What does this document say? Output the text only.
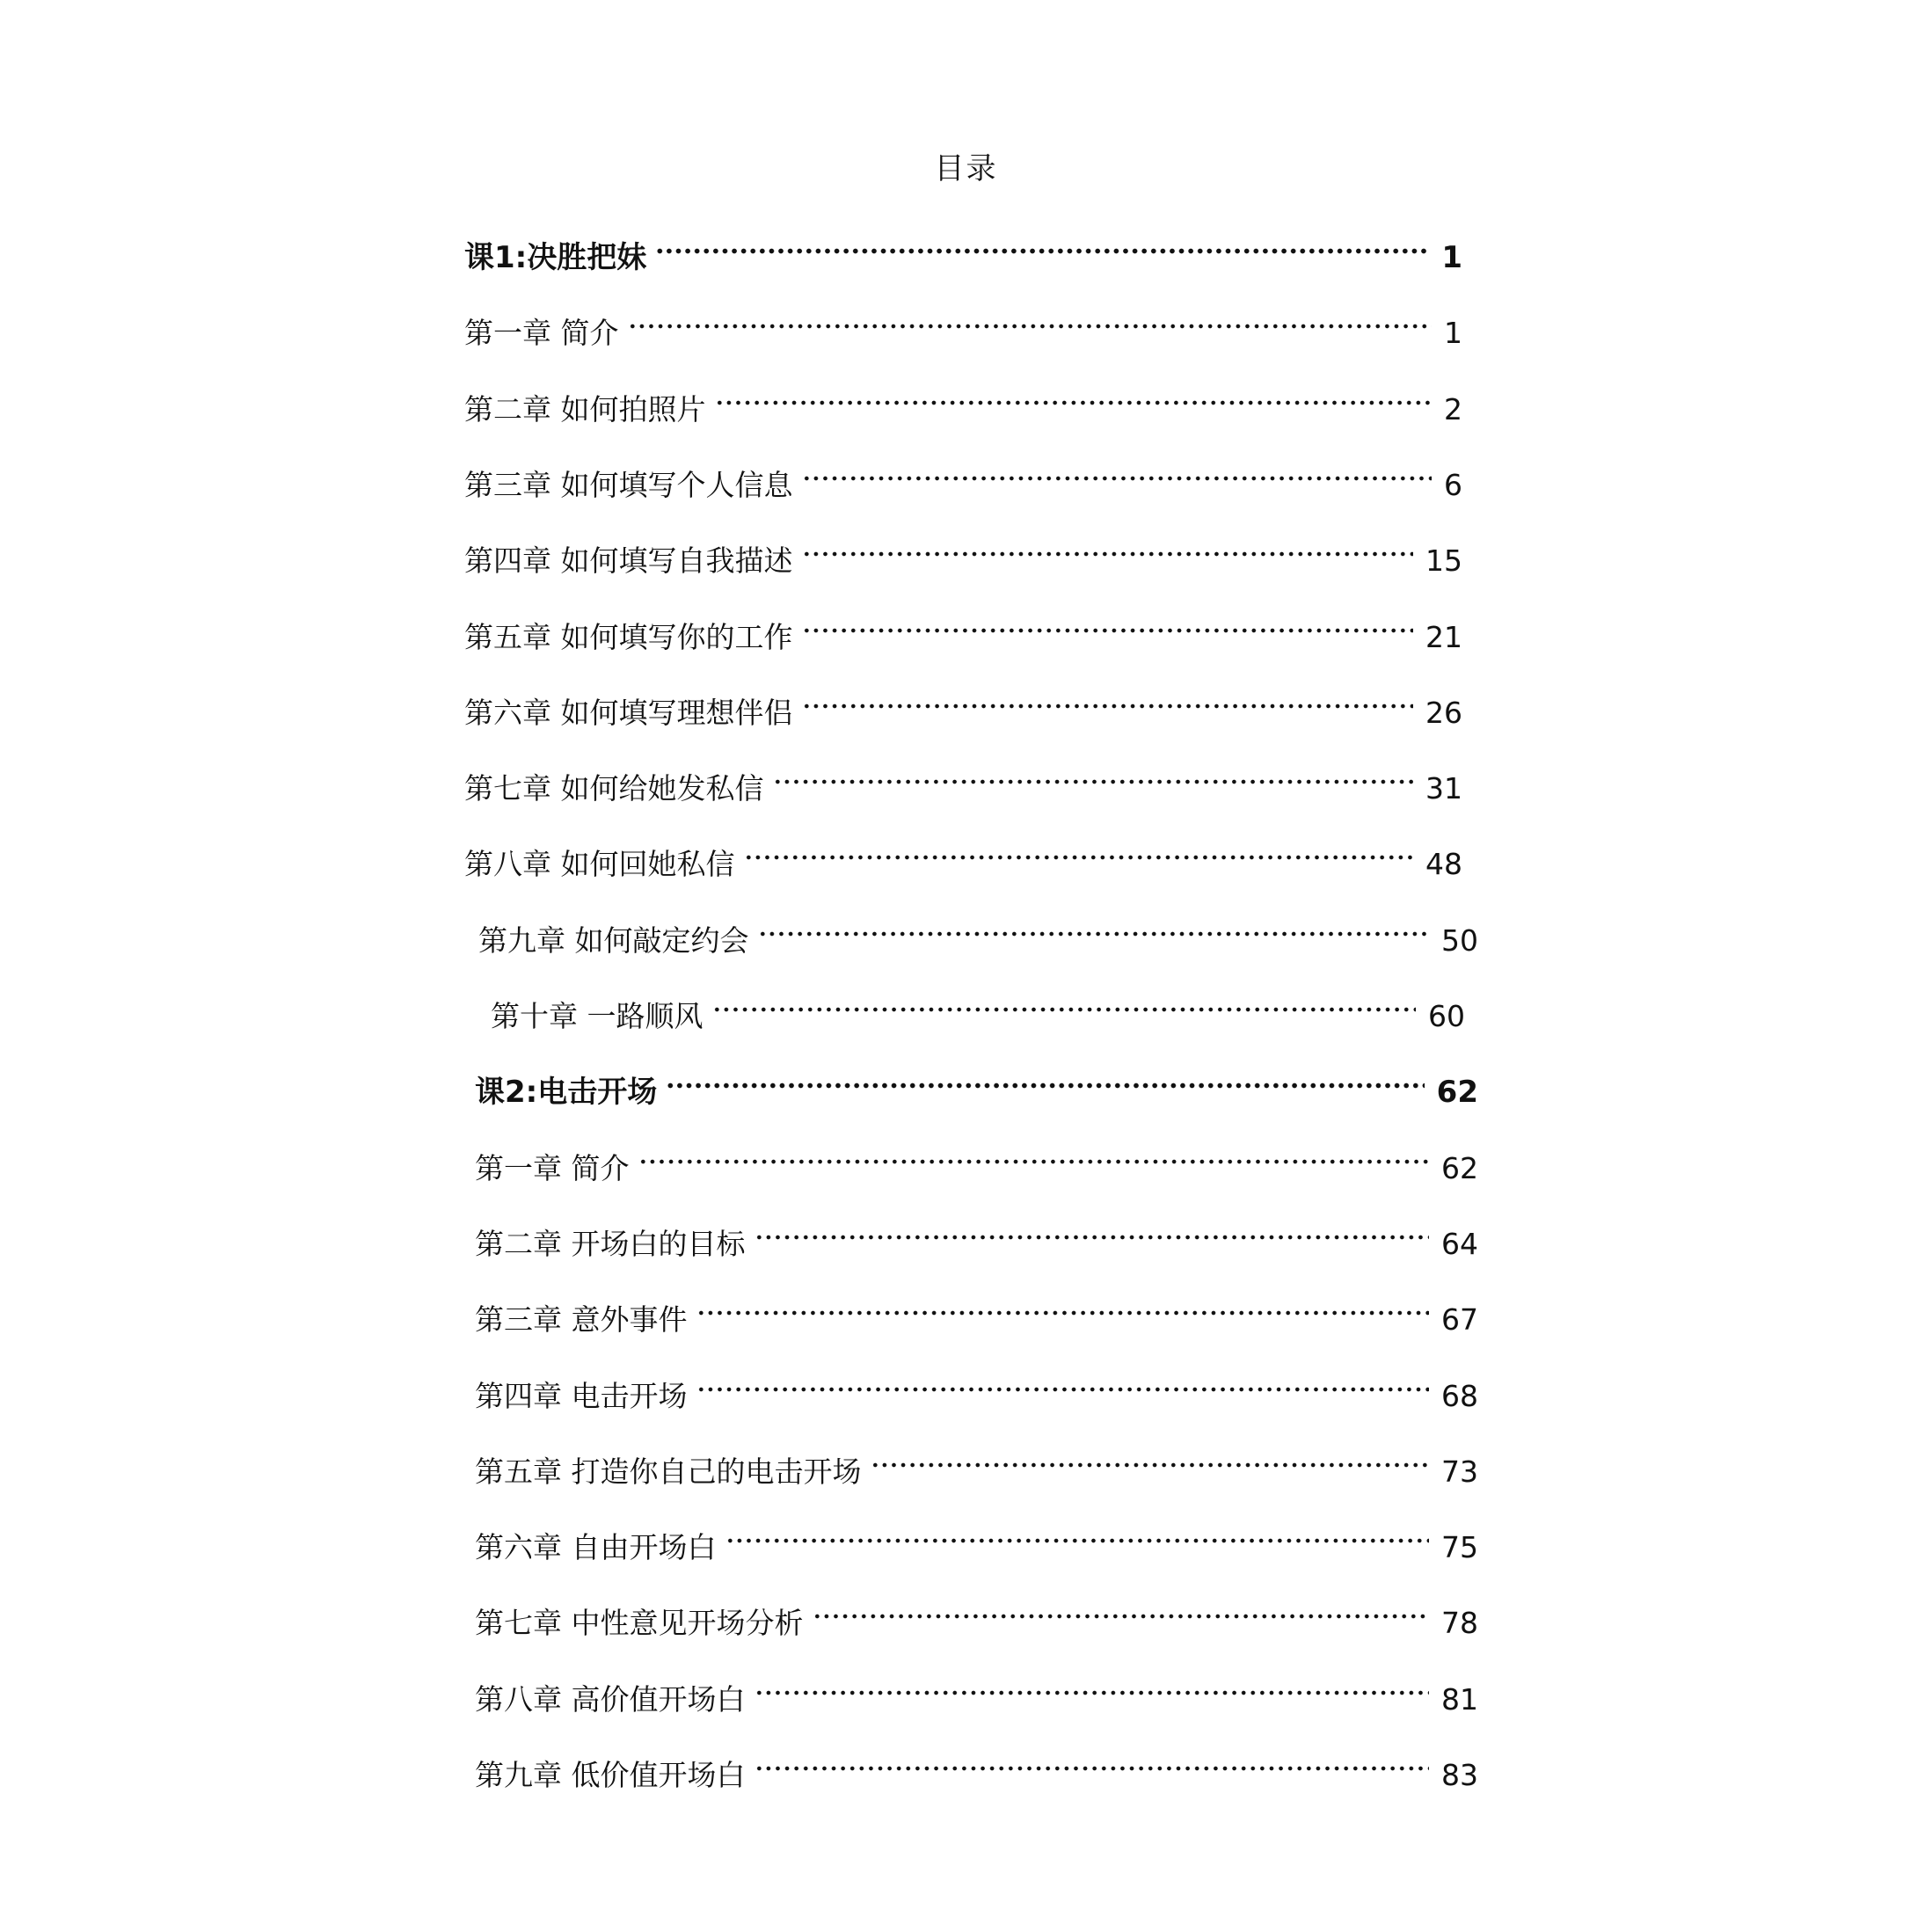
目录
课1:决胜把妹	1
第一章 简介	1
第二章 如何拍照片	2
第三章 如何填写个人信息	6
第四章 如何填写自我描述	15
第五章 如何填写你的工作	21
第六章 如何填写理想伴侣	26
第七章 如何给她发私信	31
第八章 如何回她私信	48
第九章 如何敲定约会	50
第十章 一路顺风	60
课2:电击开场	62
第一章 简介	62
第二章 开场白的目标	64
第三章 意外事件	67
第四章 电击开场	68
第五章 打造你自己的电击开场	73
第六章 自由开场白	75
第七章 中性意见开场分析	78
第八章 高价值开场白	81
第九章 低价值开场白	83
